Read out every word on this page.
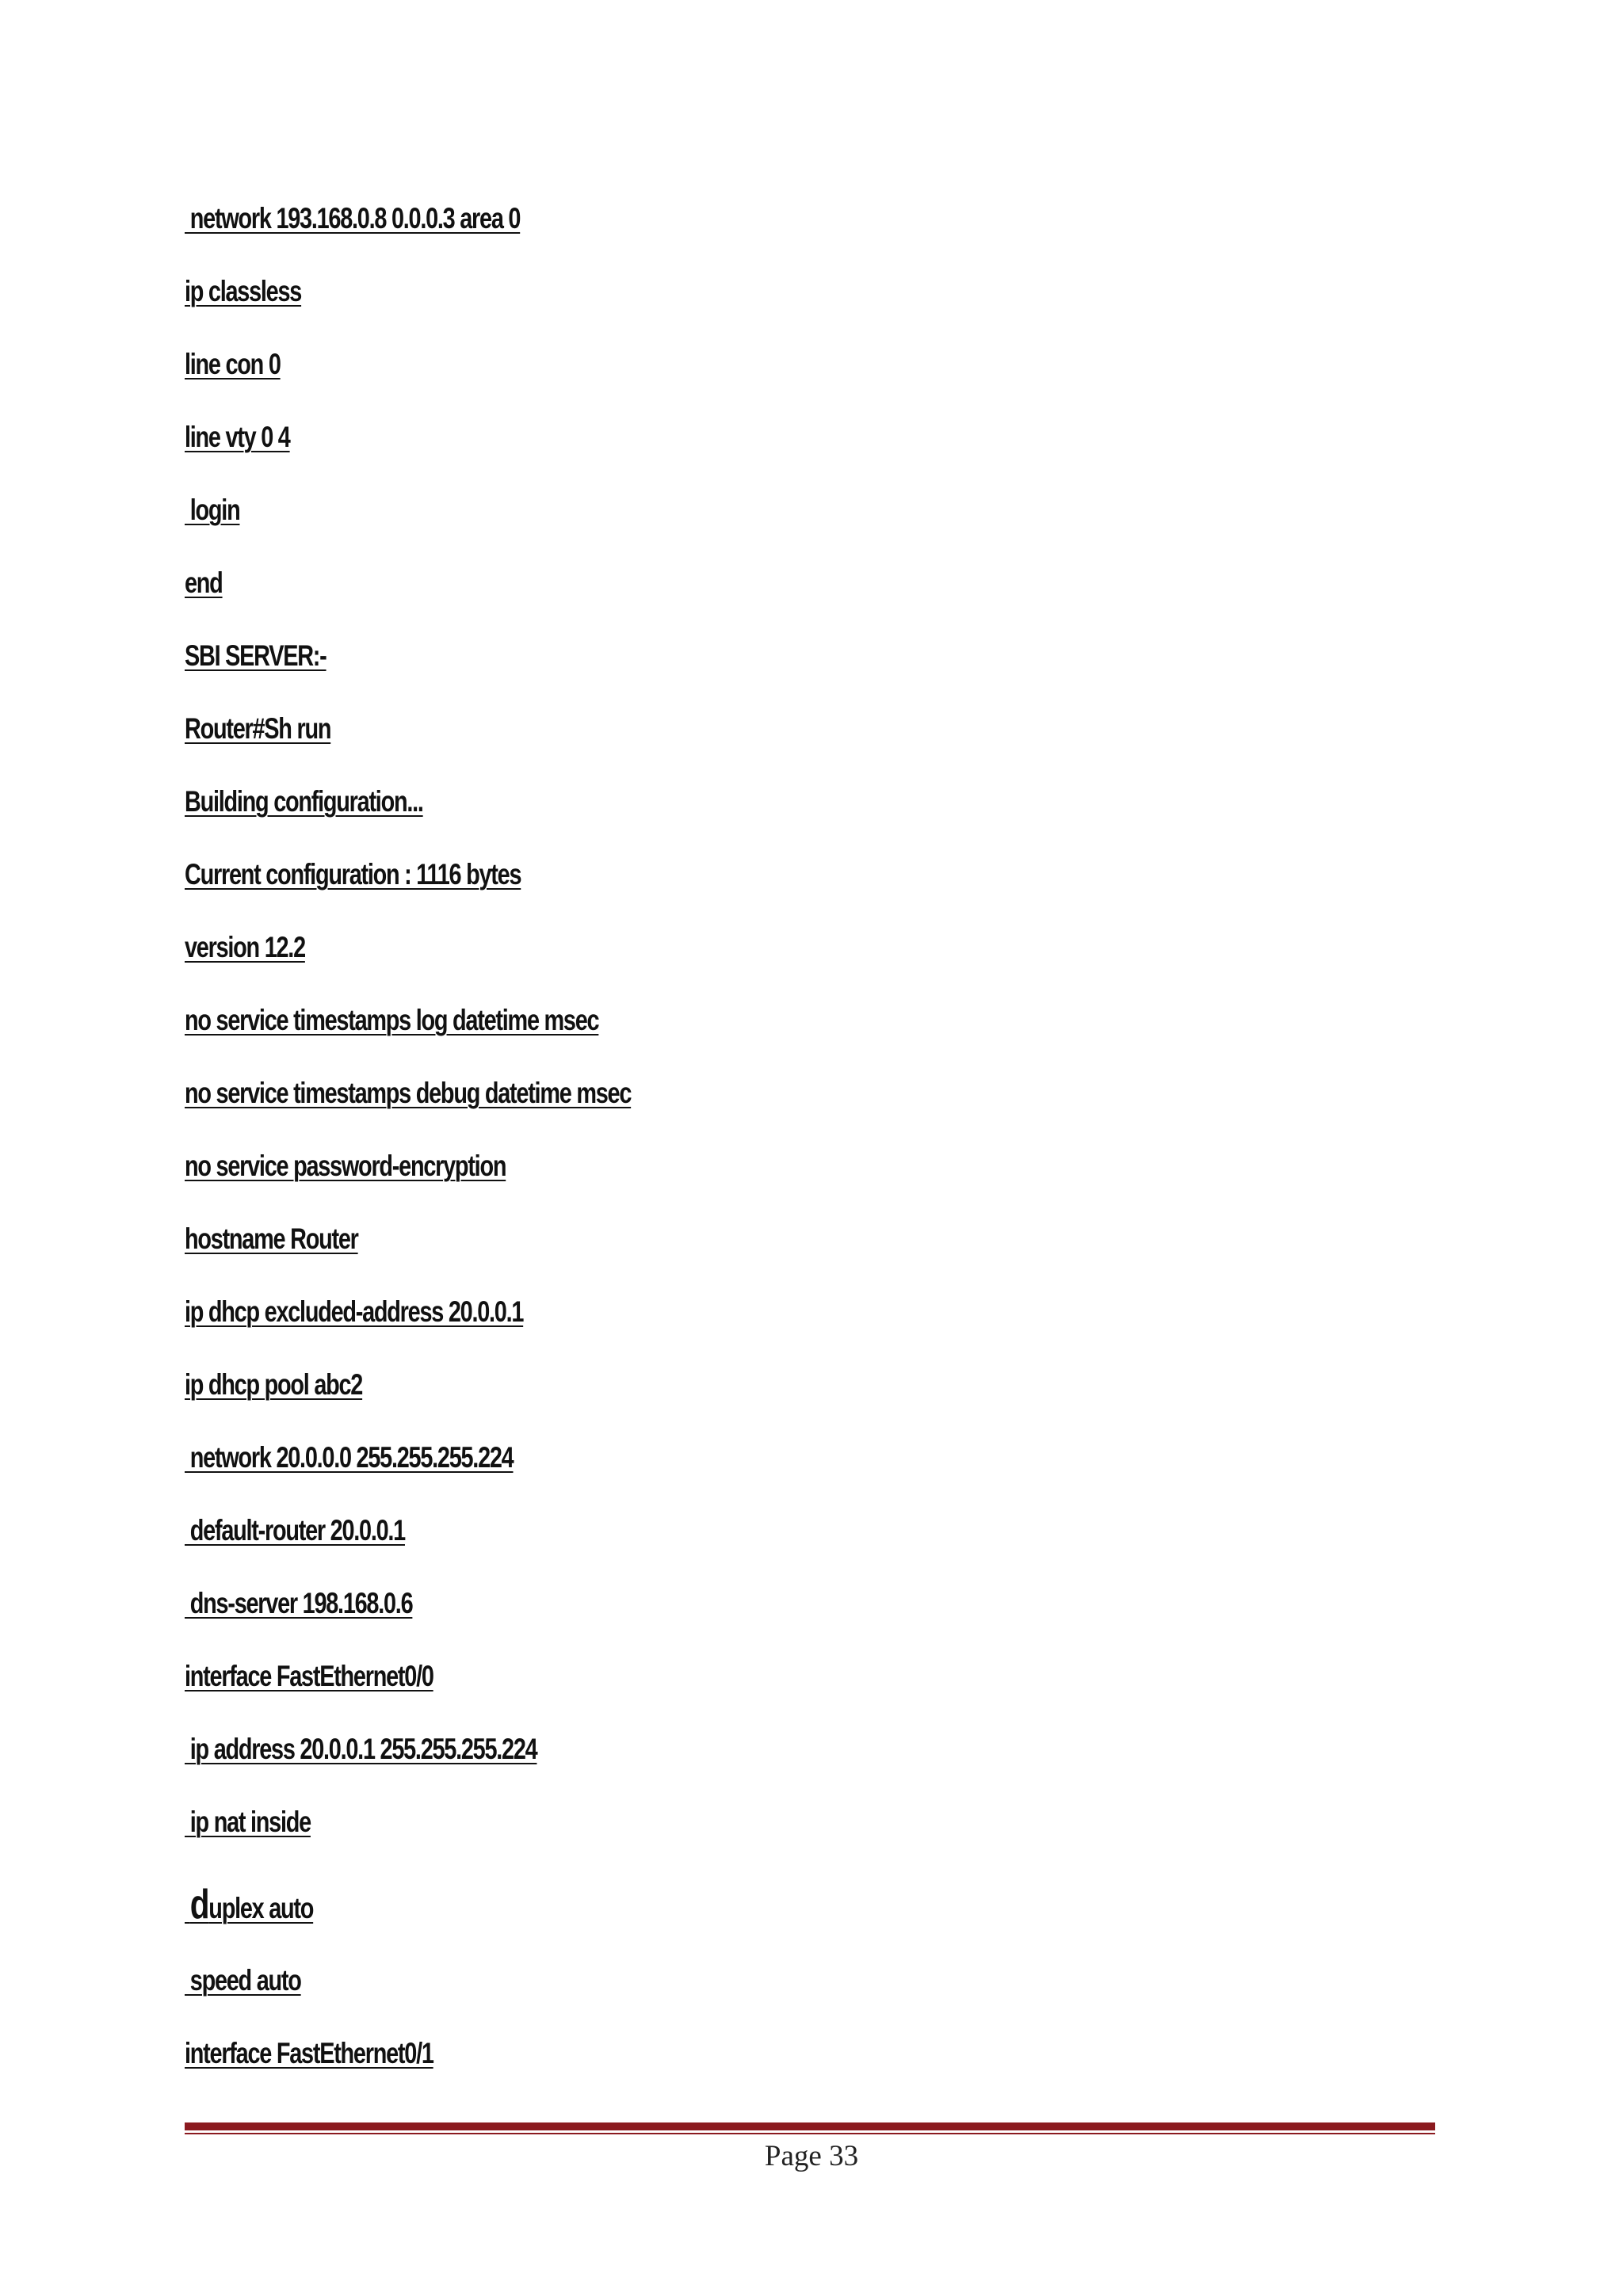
network 193.168.0.8 0.0.0.3 area 0
ip classless
line con 0
line vty 0 4
login
end
SBI SERVER:-
Router#Sh run
Building configuration...
Current configuration : 1116 bytes
version 12.2
no service timestamps log datetime msec
no service timestamps debug datetime msec
no service password-encryption
hostname Router
ip dhcp excluded-address 20.0.0.1
ip dhcp pool abc2
network 20.0.0.0 255.255.255.224
default-router 20.0.0.1
dns-server 198.168.0.6
interface FastEthernet0/0
ip address 20.0.0.1 255.255.255.224
ip nat inside
duplex auto
speed auto
interface FastEthernet0/1
Page 33
